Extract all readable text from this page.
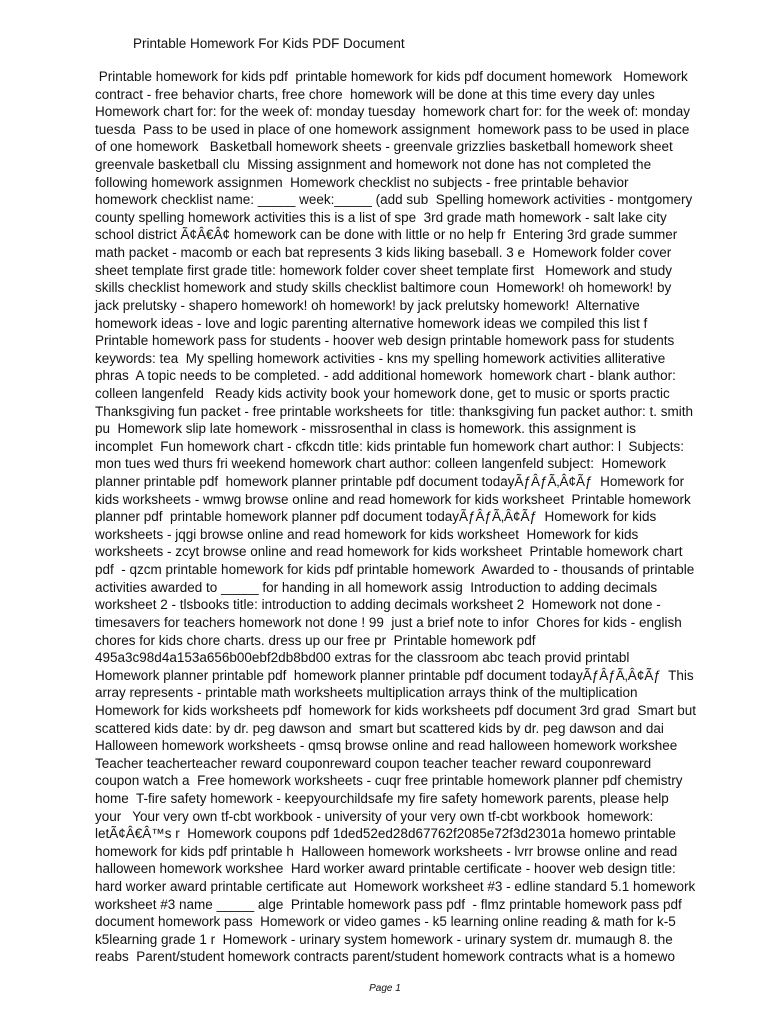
Printable Homework For Kids PDF Document
Printable homework for kids pdf  printable homework for kids pdf document homework   Homework
contract - free behavior charts, free chore  homework will be done at this time every day unles
Homework chart for: for the week of: monday tuesday  homework chart for: for the week of: monday
tuesda  Pass to be used in place of one homework assignment  homework pass to be used in place
of one homework   Basketball homework sheets - greenvale grizzlies basketball homework sheet
greenvale basketball clu  Missing assignment and homework not done has not completed the
following homework assignmen  Homework checklist no subjects - free printable behavior
homework checklist name: _____ week:_____ (add sub  Spelling homework activities - montgomery
county spelling homework activities this is a list of spe  3rd grade math homework - salt lake city
school district Ã¢Â€Â¢ homework can be done with little or no help fr  Entering 3rd grade summer
math packet - macomb or each bat represents 3 kids liking baseball. 3 e  Homework folder cover
sheet template first grade title: homework folder cover sheet template first   Homework and study
skills checklist homework and study skills checklist baltimore coun  Homework! oh homework! by
jack prelutsky - shapero homework! oh homework! by jack prelutsky homework!  Alternative
homework ideas - love and logic parenting alternative homework ideas we compiled this list f
Printable homework pass for students - hoover web design printable homework pass for students
keywords: tea  My spelling homework activities - kns my spelling homework activities alliterative
phras  A topic needs to be completed. - add additional homework  homework chart - blank author:
colleen langenfeld   Ready kids activity book your homework done, get to music or sports practic
Thanksgiving fun packet - free printable worksheets for  title: thanksgiving fun packet author: t. smith
pu  Homework slip late homework - missrosenthal in class is homework. this assignment is
incomplet  Fun homework chart - cfkcdn title: kids printable fun homework chart author: l  Subjects:
mon tues wed thurs fri weekend homework chart author: colleen langenfeld subject:  Homework
planner printable pdf  homework planner printable pdf document todayÃƒÂƒÃ‚Â¢Ãƒ  Homework for
kids worksheets - wmwg browse online and read homework for kids worksheet  Printable homework
planner pdf  printable homework planner pdf document todayÃƒÂƒÃ‚Â¢Ãƒ  Homework for kids
worksheets - jqgi browse online and read homework for kids worksheet  Homework for kids
worksheets - zcyt browse online and read homework for kids worksheet  Printable homework chart
pdf  - qzcm printable homework for kids pdf printable homework  Awarded to - thousands of printable
activities awarded to _____ for handing in all homework assig  Introduction to adding decimals
worksheet 2 - tlsbooks title: introduction to adding decimals worksheet 2  Homework not done -
timesavers for teachers homework not done ! 99  just a brief note to infor  Chores for kids - english
chores for kids chore charts. dress up our free pr  Printable homework pdf
495a3c98d4a153a656b00ebf2db8bd00 extras for the classroom abc teach provid printabl
Homework planner printable pdf  homework planner printable pdf document todayÃƒÂƒÃ‚Â¢Ãƒ  This
array represents - printable math worksheets multiplication arrays think of the multiplication
Homework for kids worksheets pdf  homework for kids worksheets pdf document 3rd grad  Smart but
scattered kids date: by dr. peg dawson and  smart but scattered kids by dr. peg dawson and dai
Halloween homework worksheets - qmsq browse online and read halloween homework workshee
Teacher teacherteacher reward couponreward coupon teacher teacher reward couponreward
coupon watch a  Free homework worksheets - cuqr free printable homework planner pdf chemistry
home  T-fire safety homework - keepyourchildsafe my fire safety homework parents, please help
your   Your very own tf-cbt workbook - university of your very own tf-cbt workbook  homework:
letÃ¢Â€Â™s r  Homework coupons pdf 1ded52ed28d67762f2085e72f3d2301a homewo printable
homework for kids pdf printable h  Halloween homework worksheets - lvrr browse online and read
halloween homework workshee  Hard worker award printable certificate - hoover web design title:
hard worker award printable certificate aut  Homework worksheet #3 - edline standard 5.1 homework
worksheet #3 name _____ alge  Printable homework pass pdf  - flmz printable homework pass pdf
document homework pass  Homework or video games - k5 learning online reading & math for k-5
k5learning grade 1 r  Homework - urinary system homework - urinary system dr. mumaugh 8. the
reabs  Parent/student homework contracts parent/student homework contracts what is a homewo
Page 1
